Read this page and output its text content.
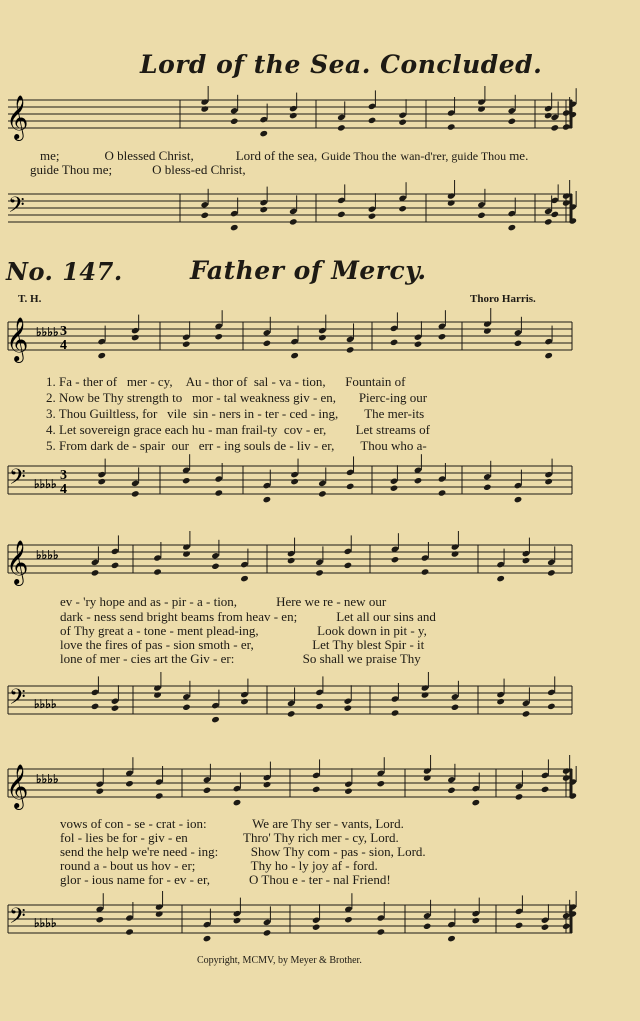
Lord of the Sea. Concluded.
𝄞
me;	O blessed Christ,	Lord of the sea, Guide Thou the wan-d'rer, guide Thou me.
guide Thou me;	O bless-ed Christ,
𝄢
No. 147.	Father of Mercy.
T. H.	Thoro Harris.
𝄞 ♭♭♭♭ 3
4
1. Fa - ther of mer - cy, Au - thor of sal - va - tion, Fountain of
2. Now be Thy strength to mor - tal weakness giv - en, Pierc-ing our
3. Thou Guiltless, for vile sin - ners in - ter - ced - ing, The mer-its
4. Let sovereign grace each hu - man frail-ty cov - er, Let streams of
5. From dark de - spair our err - ing souls de - liv - er, Thou who a-
𝄢 ♭♭♭♭
3
4
𝄞 ♭♭♭♭
ev - 'ry hope and as - pir - a - tion,	Here we re - new our
dark - ness send bright beams from heav - en;	Let all our sins and
of Thy great a - tone - ment plead-ing,	Look down in pit - y,
love the fires of pas - sion smoth - er,	Let Thy blest Spir - it
lone of mer - cies art the Giv - er:	So shall we praise Thy
𝄢 ♭♭♭♭
𝄞 ♭♭♭♭
vows of con - se - crat - ion:	We are Thy ser - vants, Lord.
fol - lies be for - giv - en	Thro' Thy rich mer - cy, Lord.
send the help we're need - ing:	Show Thy com - pas - sion, Lord.
round a - bout us hov - er;	Thy ho - ly joy af - ford.
glor - ious name for - ev - er,	O Thou e - ter - nal Friend!
𝄢 ♭♭♭♭
Copyright, MCMV, by Meyer & Brother.
